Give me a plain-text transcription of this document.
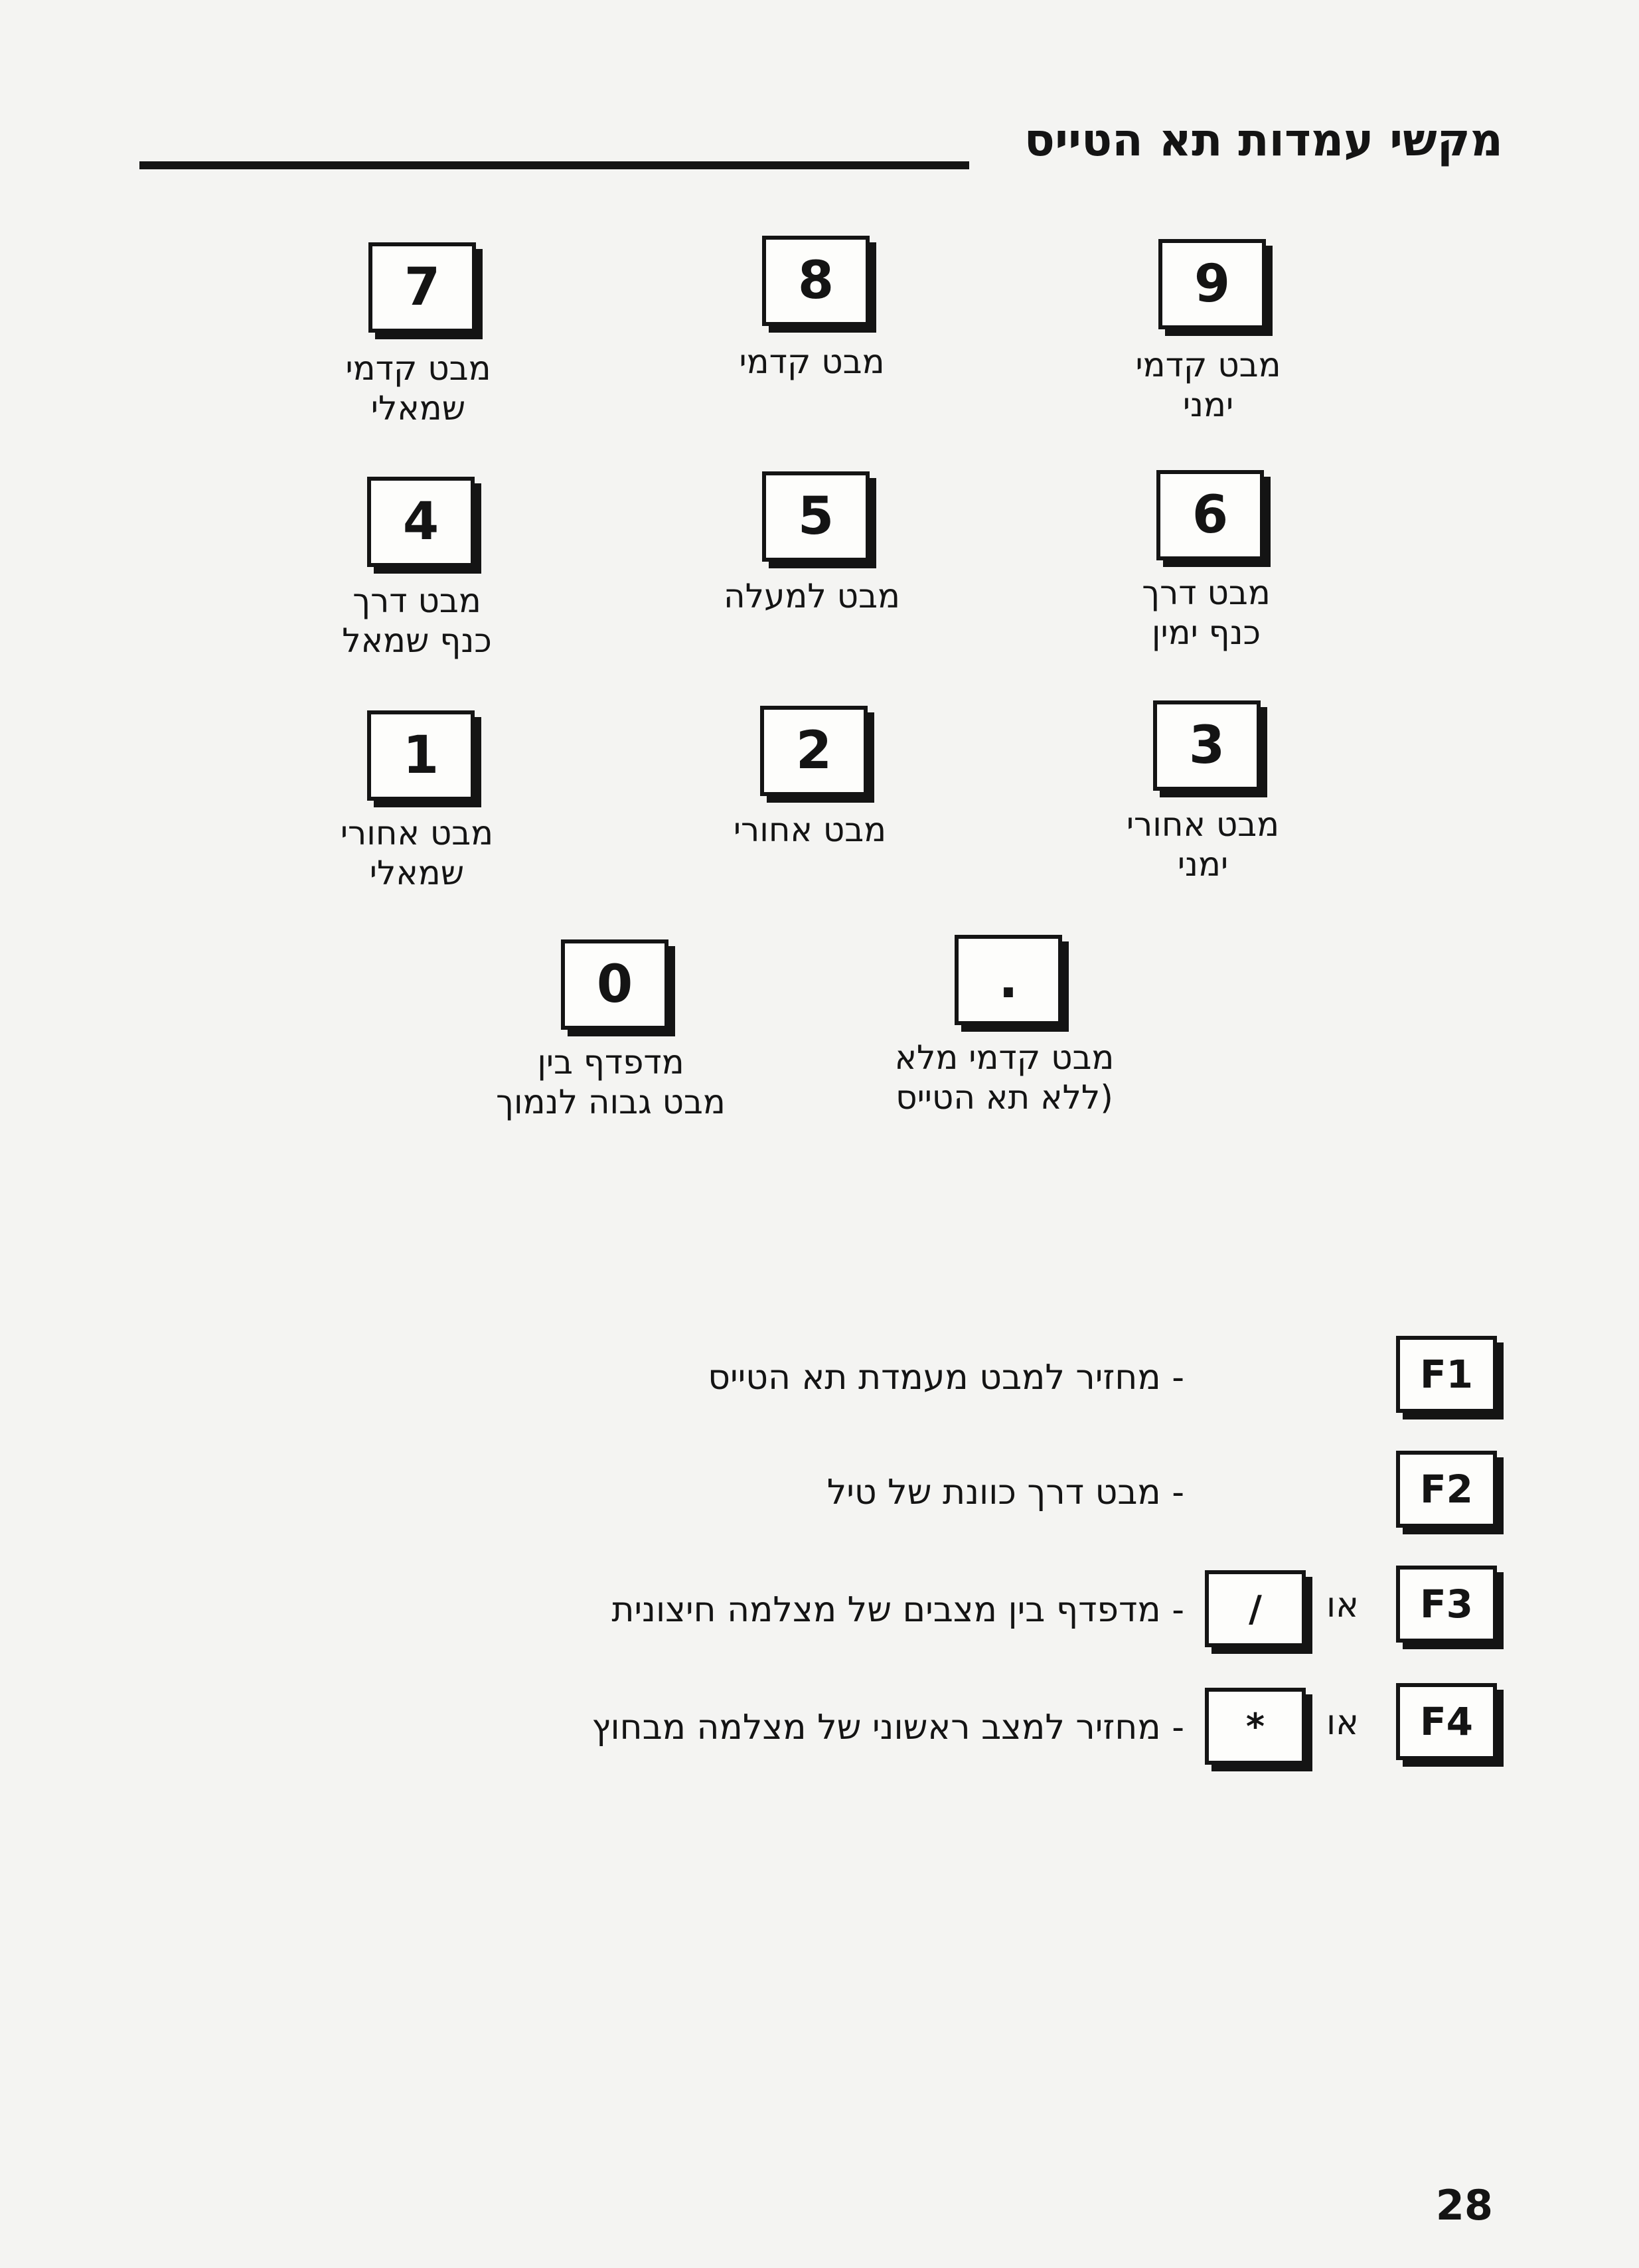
מקשי עמדות תא הטייס
9
מבט קדמי
ימני
8
מבט קדמי
7
מבט קדמי
שמאלי
6
מבט דרך
כנף ימין
5
מבט למעלה
4
מבט דרך
כנף שמאל
3
מבט אחורי
ימני
2
מבט אחורי
1
מבט אחורי
שמאלי
.
מבט קדמי מלא
(ללא תא הטייס
0
מדפדף בין
מבט גבוה לנמוך
F1
- מחזיר למבט מעמדת תא הטייס
F2
- מבט דרך כוונת של טיל
F3
או
/
- מדפדף בין מצבים של מצלמה חיצונית
F4
או
*
- מחזיר למצב ראשוני של מצלמה מבחוץ
28
